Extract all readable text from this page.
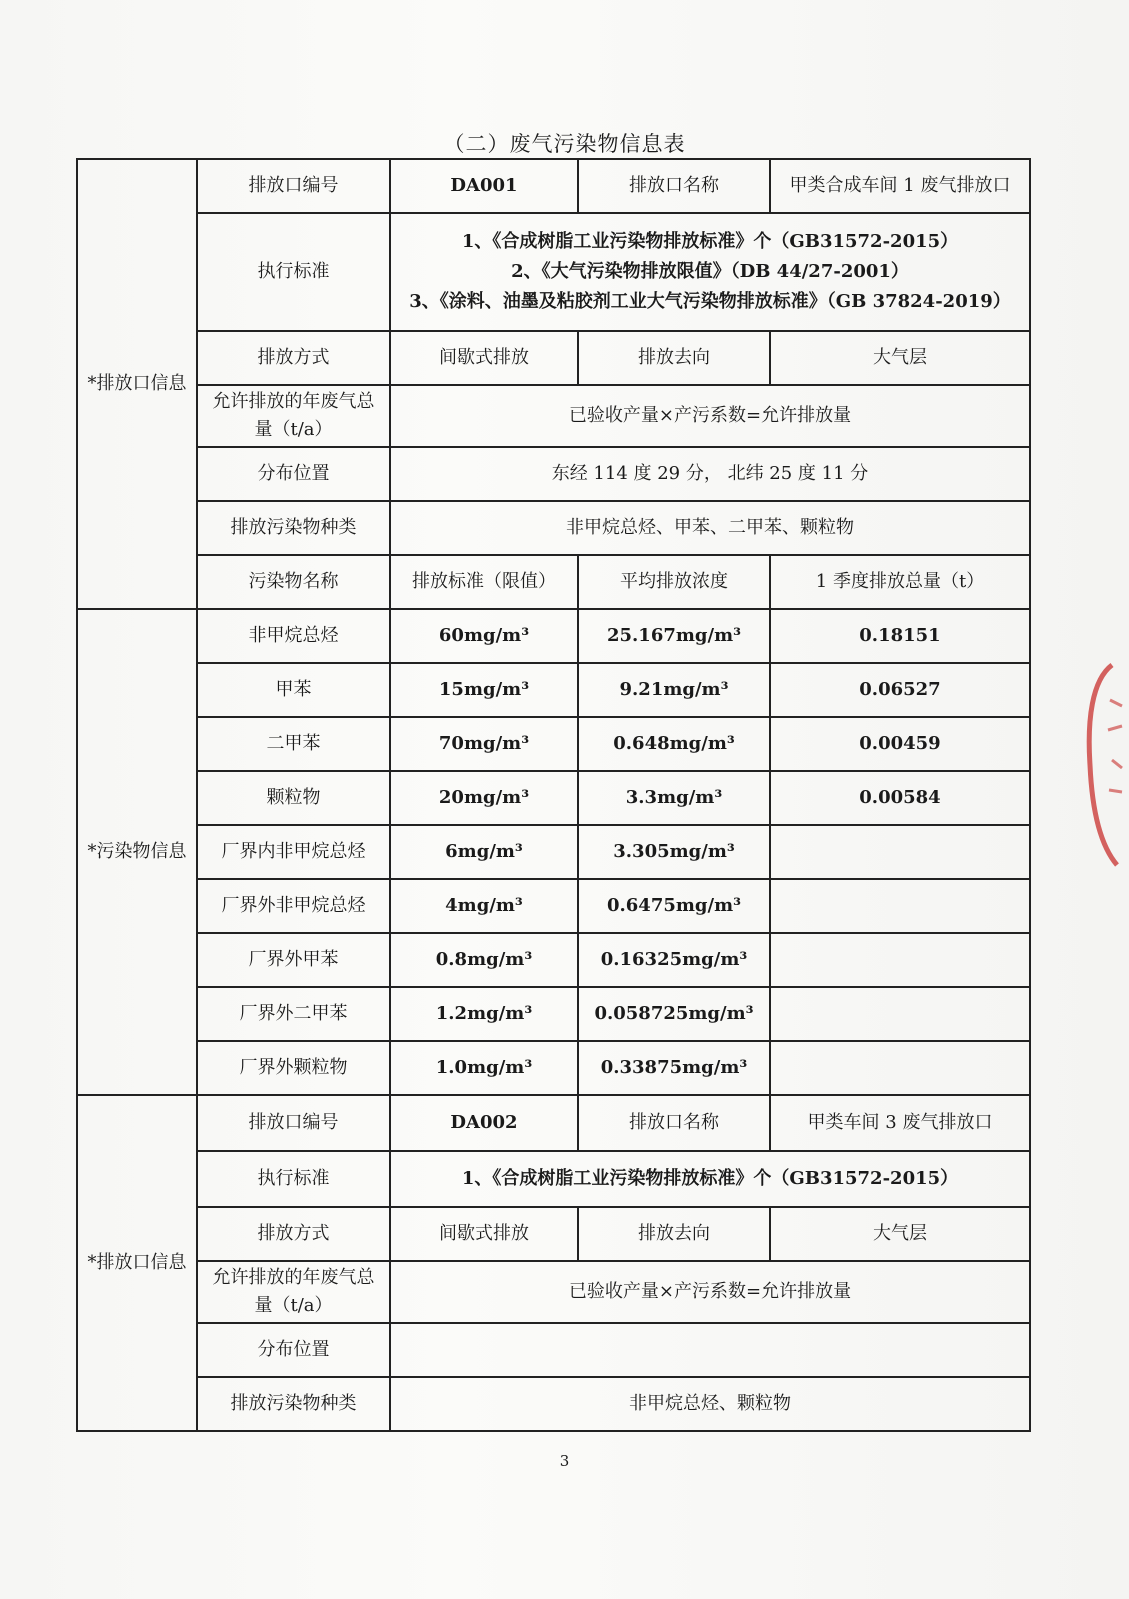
（二）废气污染物信息表
*排放口信息	排放口编号	DA001	排放口名称	甲类合成车间 1 废气排放口
	执行标准	1、《合成树脂工业污染物排放标准》个（GB31572-2015）
2、《大气污染物排放限值》（DB 44/27-2001）
3、《涂料、油墨及粘胶剂工业大气污染物排放标准》（GB 37824-2019）		

	排放方式	间歇式排放	排放去向	大气层
	允许排放的年废气总量（t/a）	已验收产量×产污系数=允许排放量		
	分布位置	东经 114 度 29 分， 北纬 25 度 11 分		
	排放污染物种类	非甲烷总烃、甲苯、二甲苯、颗粒物		
	污染物名称	排放标准（限值）	平均排放浓度	1 季度排放总量（t）
*污染物信息	非甲烷总烃	60mg/m³	25.167mg/m³	0.18151
	甲苯	15mg/m³	9.21mg/m³	0.06527
	二甲苯	70mg/m³	0.648mg/m³	0.00459
	颗粒物	20mg/m³	3.3mg/m³	0.00584
	厂界内非甲烷总烃	6mg/m³	3.305mg/m³	
	厂界外非甲烷总烃	4mg/m³	0.6475mg/m³	
	厂界外甲苯	0.8mg/m³	0.16325mg/m³	
	厂界外二甲苯	1.2mg/m³	0.058725mg/m³	
	厂界外颗粒物	1.0mg/m³	0.33875mg/m³	
*排放口信息	排放口编号	DA002	排放口名称	甲类车间 3 废气排放口
	执行标准	1、《合成树脂工业污染物排放标准》个（GB31572-2015）		
	排放方式	间歇式排放	排放去向	大气层
	允许排放的年废气总量（t/a）	已验收产量×产污系数=允许排放量		
	分布位置			
	排放污染物种类	非甲烷总烃、颗粒物		
3
